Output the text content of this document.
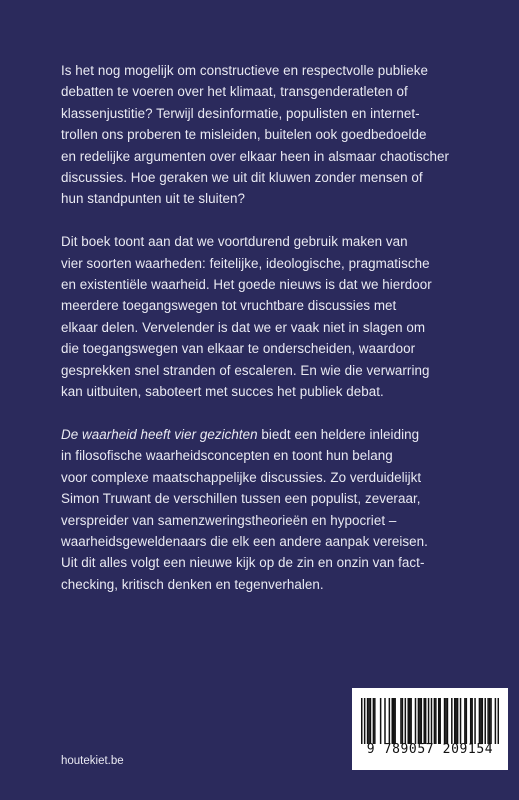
Is het nog mogelijk om constructieve en respectvolle publieke
debatten te voeren over het klimaat, transgenderatleten of
klassenjustitie? Terwijl desinformatie, populisten en internet-
trollen ons proberen te misleiden, buitelen ook goedbedoelde
en redelijke argumenten over elkaar heen in alsmaar chaotischer
discussies. Hoe geraken we uit dit kluwen zonder mensen of
hun standpunten uit te sluiten?
Dit boek toont aan dat we voortdurend gebruik maken van
vier soorten waarheden: feitelijke, ideologische, pragmatische
en existentiële waarheid. Het goede nieuws is dat we hierdoor
meerdere toegangswegen tot vruchtbare discussies met
elkaar delen. Vervelender is dat we er vaak niet in slagen om
die toegangswegen van elkaar te onderscheiden, waardoor
gesprekken snel stranden of escaleren. En wie die verwarring
kan uitbuiten, saboteert met succes het publiek debat.
De waarheid heeft vier gezichten biedt een heldere inleiding
in filosofische waarheidsconcepten en toont hun belang
voor complexe maatschappelijke discussies. Zo verduidelijkt
Simon Truwant de verschillen tussen een populist, zeveraar,
verspreider van samenzweringstheorieën en hypocriet –
waarheidsgeweldenaars die elk een andere aanpak vereisen.
Uit dit alles volgt een nieuwe kijk op de zin en onzin van fact-
checking, kritisch denken en tegenverhalen.
houtekiet.be
9 789057 209154
